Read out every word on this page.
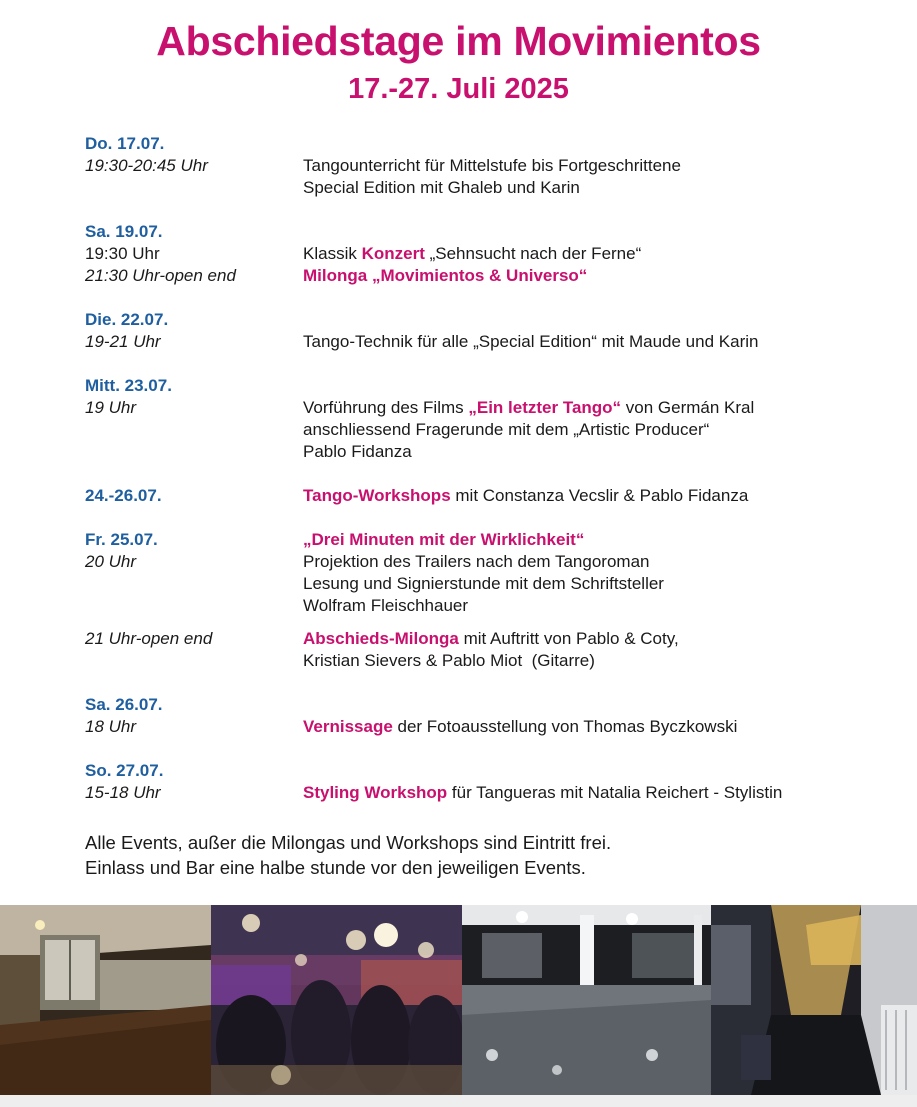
Abschiedstage im Movimientos
17.-27. Juli 2025
Do. 17.07.
19:30-20:45 Uhr	Tangounterricht für Mittelstufe bis Fortgeschrittene
Special Edition mit Ghaleb und Karin
Sa. 19.07.
19:30 Uhr	Klassik Konzert „Sehnsucht nach der Ferne“
21:30 Uhr-open end	Milonga „Movimientos & Universo“
Die. 22.07.
19-21 Uhr	Tango-Technik für alle „Special Edition“ mit Maude und Karin
Mitt. 23.07.
19 Uhr	Vorführung des Films „Ein letzter Tango“ von Germán Kral
anschliessend Fragerunde mit dem „Artistic Producer“
Pablo Fidanza
24.-26.07.	Tango-Workshops mit Constanza Vecslir & Pablo Fidanza
Fr. 25.07.	„Drei Minuten mit der Wirklichkeit“
20 Uhr	Projektion des Trailers nach dem Tangoroman
Lesung und Signierstunde mit dem Schriftsteller
Wolfram Fleischhauer
21 Uhr-open end	Abschieds-Milonga mit Auftritt von Pablo & Coty,
Kristian Sievers & Pablo Miot  (Gitarre)
Sa. 26.07.
18 Uhr	Vernissage der Fotoausstellung von Thomas Byczkowski
So. 27.07.
15-18 Uhr	Styling Workshop für Tangueras mit Natalia Reichert - Stylistin
Alle Events, außer die Milongas und Workshops sind Eintritt frei.
Einlass und Bar eine halbe stunde vor den jeweiligen Events.
